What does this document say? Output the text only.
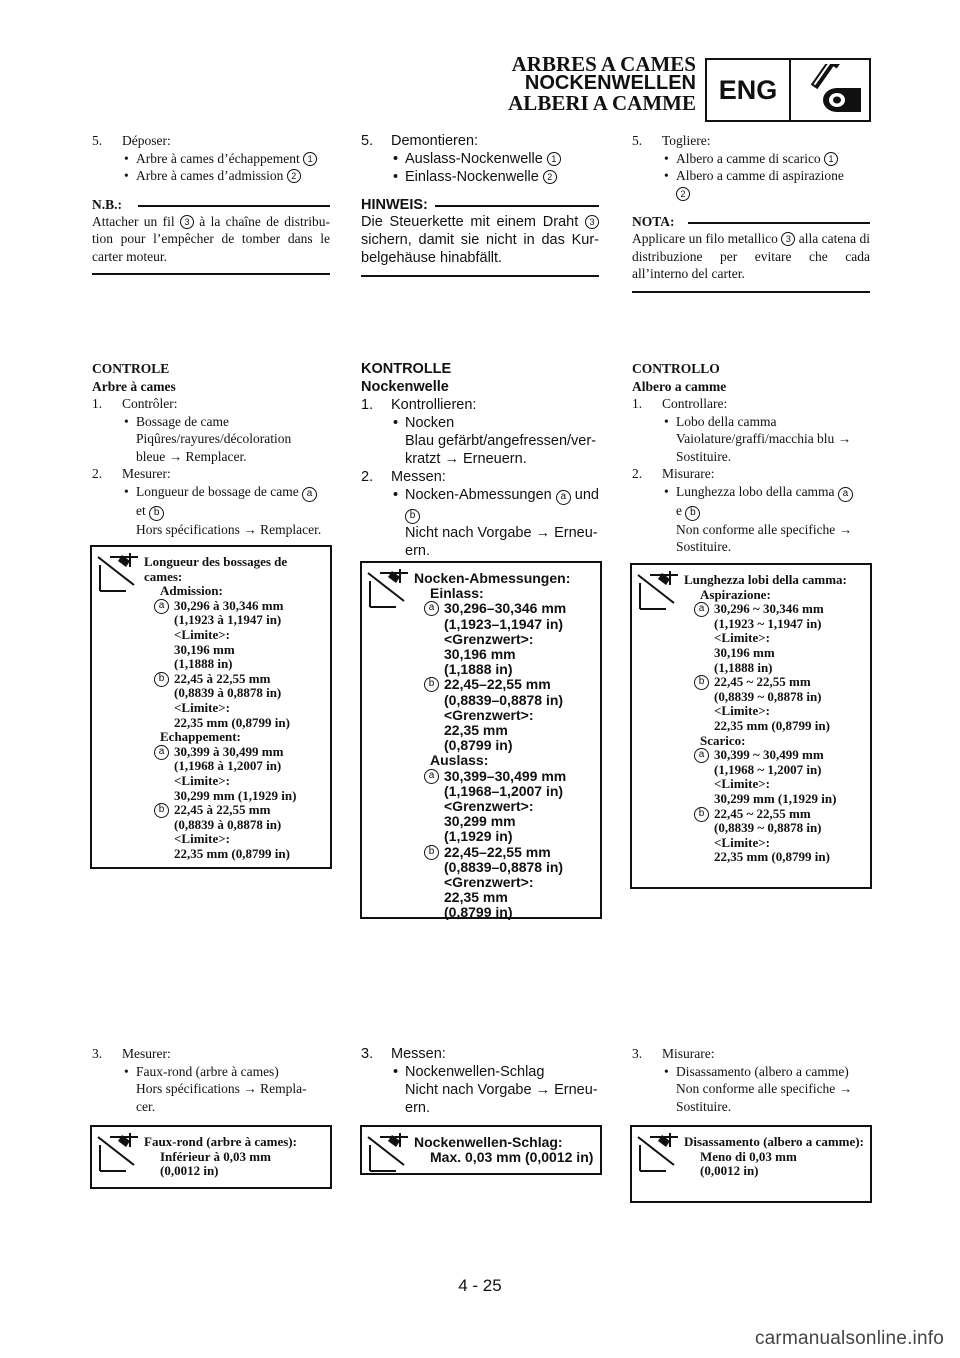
ARBRES A CAMES
NOCKENWELLEN
ALBERI A CAMME ENG
5.	Déposer:
• Arbre à cames d’échappement 1
• Arbre à cames d’admission 2
N.B.:
Attacher un fil 3 à la chaîne de distribu-tion pour l’empêcher de tomber dans le carter moteur.
CONTROLE
Arbre à cames
1.	Contrôler:
• Bossage de came
Piqûres/rayures/décoloration
bleue → Remplacer.
2.	Mesurer:
• Longueur de bossage de came a
et b
Hors spécifications → Remplacer.
Longueur des bossages de cames:
Admission:
a 30,296 à 30,346 mm
(1,1923 à 1,1947 in)
<Limite>:
30,196 mm
(1,1888 in)
b 22,45 à 22,55 mm
(0,8839 à 0,8878 in)
<Limite>:
22,35 mm (0,8799 in)
Echappement:
a 30,399 à 30,499 mm
(1,1968 à 1,2007 in)
<Limite>:
30,299 mm (1,1929 in)
b 22,45 à 22,55 mm
(0,8839 à 0,8878 in)
<Limite>:
22,35 mm (0,8799 in)
3.	Mesurer:
• Faux-rond (arbre à cames)
Hors spécifications → Rempla-
cer.
Faux-rond (arbre à cames):
Inférieur à 0,03 mm
(0,0012 in)
5.	Demontieren:
• Auslass-Nockenwelle 1
• Einlass-Nockenwelle 2
HINWEIS:
Die Steuerkette mit einem Draht 3 sichern, damit sie nicht in das Kur-belgehäuse hinabfällt.
KONTROLLE
Nockenwelle
1.	Kontrollieren:
• Nocken
Blau gefärbt/angefressen/ver-
kratzt → Erneuern.
2.	Messen:
• Nocken-Abmessungen a und
b
Nicht nach Vorgabe → Erneu-ern.
Nocken-Abmessungen:
Einlass:
a 30,296–30,346 mm
(1,1923–1,1947 in)
<Grenzwert>:
30,196 mm
(1,1888 in)
b 22,45–22,55 mm
(0,8839–0,8878 in)
<Grenzwert>:
22,35 mm
(0,8799 in)
Auslass:
a 30,399–30,499 mm
(1,1968–1,2007 in)
<Grenzwert>:
30,299 mm
(1,1929 in)
b 22,45–22,55 mm
(0,8839–0,8878 in)
<Grenzwert>:
22,35 mm
(0,8799 in)
3.	Messen:
• Nockenwellen-Schlag
Nicht nach Vorgabe → Erneu-
ern.
Nockenwellen-Schlag:
Max. 0,03 mm (0,0012 in)
5.	Togliere:
• Albero a camme di scarico 1
• Albero a camme di aspirazione
2
NOTA:
Applicare un filo metallico 3 alla catena di distribuzione per evitare che cada all’interno del carter.
CONTROLLO
Albero a camme
1.	Controllare:
• Lobo della camma
Vaiolature/graffi/macchia blu →
Sostituire.
2.	Misurare:
• Lunghezza lobo della camma a
e b
Non conforme alle specifiche →
Sostituire.
Lunghezza lobi della camma:
Aspirazione:
a 30,296 ~ 30,346 mm
(1,1923 ~ 1,1947 in)
<Limite>:
30,196 mm
(1,1888 in)
b 22,45 ~ 22,55 mm
(0,8839 ~ 0,8878 in)
<Limite>:
22,35 mm (0,8799 in)
Scarico:
a 30,399 ~ 30,499 mm
(1,1968 ~ 1,2007 in)
<Limite>:
30,299 mm (1,1929 in)
b 22,45 ~ 22,55 mm
(0,8839 ~ 0,8878 in)
<Limite>:
22,35 mm (0,8799 in)
3.	Misurare:
• Disassamento (albero a camme)
Non conforme alle specifiche →
Sostituire.
Disassamento (albero a camme):
Meno di 0,03 mm
(0,0012 in)
4 - 25
carmanualsonline.info
